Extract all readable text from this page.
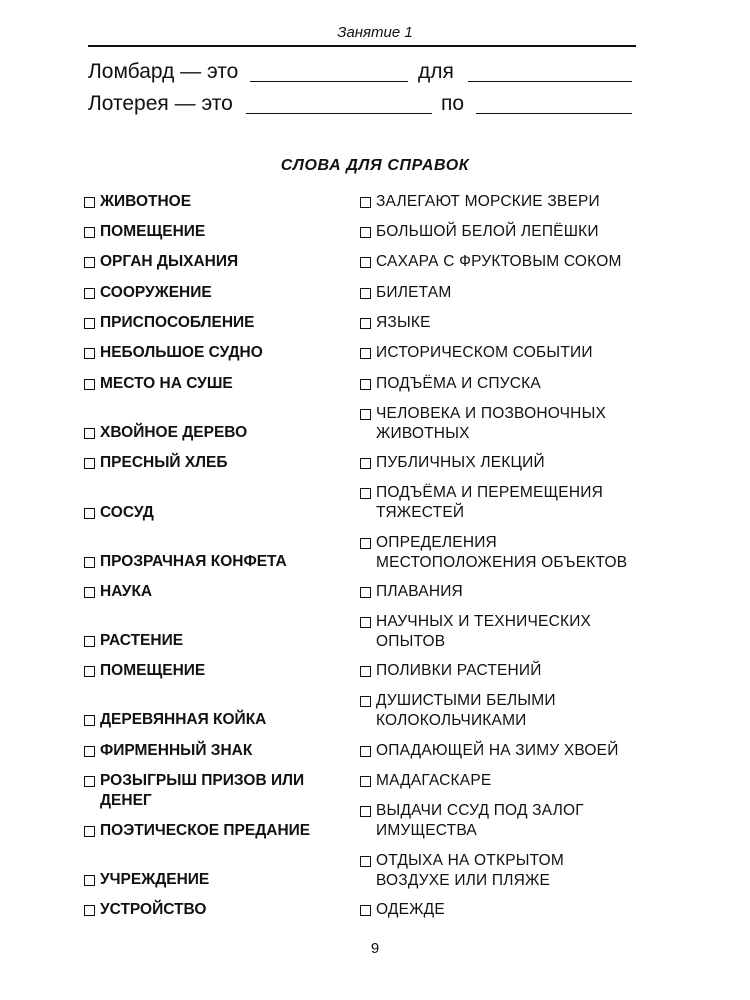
Занятие 1
Ломбард — это	для
Лотерея — это	по
СЛОВА ДЛЯ СПРАВОК
ЖИВОТНОЕ
ПОМЕЩЕНИЕ
ОРГАН ДЫХАНИЯ
СООРУЖЕНИЕ
ПРИСПОСОБЛЕНИЕ
НЕБОЛЬШОЕ СУДНО
МЕСТО НА СУШЕ
ХВОЙНОЕ ДЕРЕВО
ПРЕСНЫЙ ХЛЕБ
СОСУД
ПРОЗРАЧНАЯ КОНФЕТА
НАУКА
РАСТЕНИЕ
ПОМЕЩЕНИЕ
ДЕРЕВЯННАЯ КОЙКА
ФИРМЕННЫЙ ЗНАК
РОЗЫГРЫШ ПРИЗОВ ИЛИ
ДЕНЕГ
ПОЭТИЧЕСКОЕ ПРЕДАНИЕ
УЧРЕЖДЕНИЕ
УСТРОЙСТВО
ЗАЛЕГАЮТ МОРСКИЕ ЗВЕРИ
БОЛЬШОЙ БЕЛОЙ ЛЕПЁШКИ
САХАРА С ФРУКТОВЫМ СОКОМ
БИЛЕТАМ
ЯЗЫКЕ
ИСТОРИЧЕСКОМ СОБЫТИИ
ПОДЪЁМА И СПУСКА
ЧЕЛОВЕКА И ПОЗВОНОЧНЫХ
ЖИВОТНЫХ
ПУБЛИЧНЫХ ЛЕКЦИЙ
ПОДЪЁМА И ПЕРЕМЕЩЕНИЯ
ТЯЖЕСТЕЙ
ОПРЕДЕЛЕНИЯ
МЕСТОПОЛОЖЕНИЯ ОБЪЕКТОВ
ПЛАВАНИЯ
НАУЧНЫХ И ТЕХНИЧЕСКИХ
ОПЫТОВ
ПОЛИВКИ РАСТЕНИЙ
ДУШИСТЫМИ БЕЛЫМИ
КОЛОКОЛЬЧИКАМИ
ОПАДАЮЩЕЙ НА ЗИМУ ХВОЕЙ
МАДАГАСКАРЕ
ВЫДАЧИ ССУД ПОД ЗАЛОГ
ИМУЩЕСТВА
ОТДЫХА НА ОТКРЫТОМ
ВОЗДУХЕ ИЛИ ПЛЯЖЕ
ОДЕЖДЕ
9
